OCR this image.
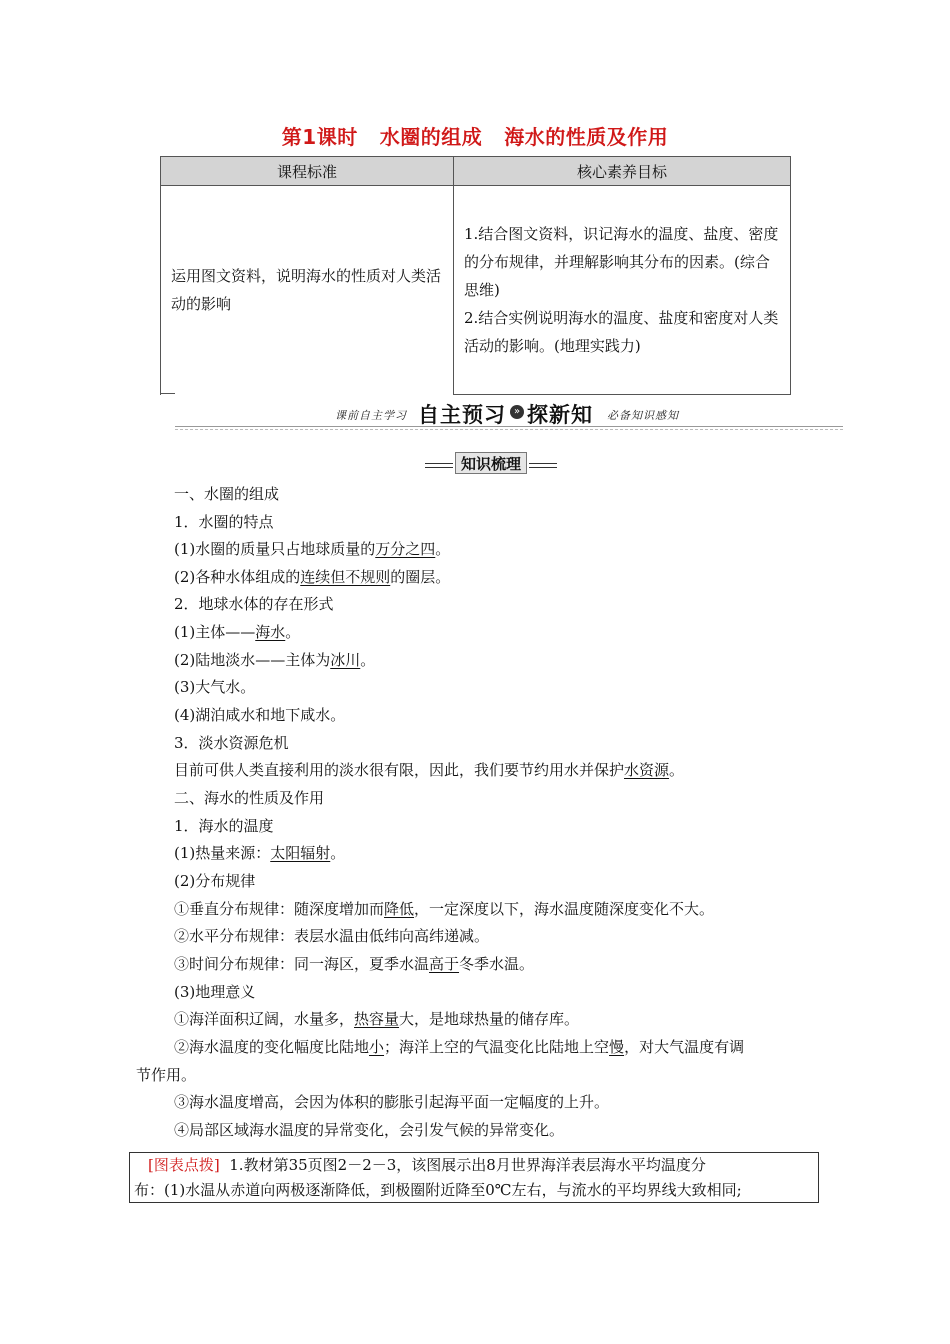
第1课时 水圈的组成 海水的性质及作用
课程标准	核心素养目标
运用图文资料，说明海水的性质对人类活动的影响	1.结合图文资料，识记海水的温度、盐度、密度的分布规律，并理解影响其分布的因素。(综合思维)
2.结合实例说明海水的温度、盐度和密度对人类活动的影响。(地理实践力)
课前自主学习 自主预习 » 探新知 必备知识感知
知识梳理
一、水圈的组成
1．水圈的特点
(1)水圈的质量只占地球质量的万分之四。
(2)各种水体组成的连续但不规则的圈层。
2．地球水体的存在形式
(1)主体——海水。
(2)陆地淡水——主体为冰川。
(3)大气水。
(4)湖泊咸水和地下咸水。
3．淡水资源危机
目前可供人类直接利用的淡水很有限，因此，我们要节约用水并保护水资源。
二、海水的性质及作用
1．海水的温度
(1)热量来源：太阳辐射。
(2)分布规律
①垂直分布规律：随深度增加而降低，一定深度以下，海水温度随深度变化不大。
②水平分布规律：表层水温由低纬向高纬递减。
③时间分布规律：同一海区，夏季水温高于冬季水温。
(3)地理意义
①海洋面积辽阔，水量多，热容量大，是地球热量的储存库。
②海水温度的变化幅度比陆地小；海洋上空的气温变化比陆地上空慢，对大气温度有调
节作用。
③海水温度增高，会因为体积的膨胀引起海平面一定幅度的上升。
④局部区域海水温度的异常变化，会引发气候的异常变化。
[图表点拨] 1.教材第35页图2－2－3，该图展示出8月世界海洋表层海水平均温度分
布：(1)水温从赤道向两极逐渐降低，到极圈附近降至0℃左右，与流水的平均界线大致相同;
